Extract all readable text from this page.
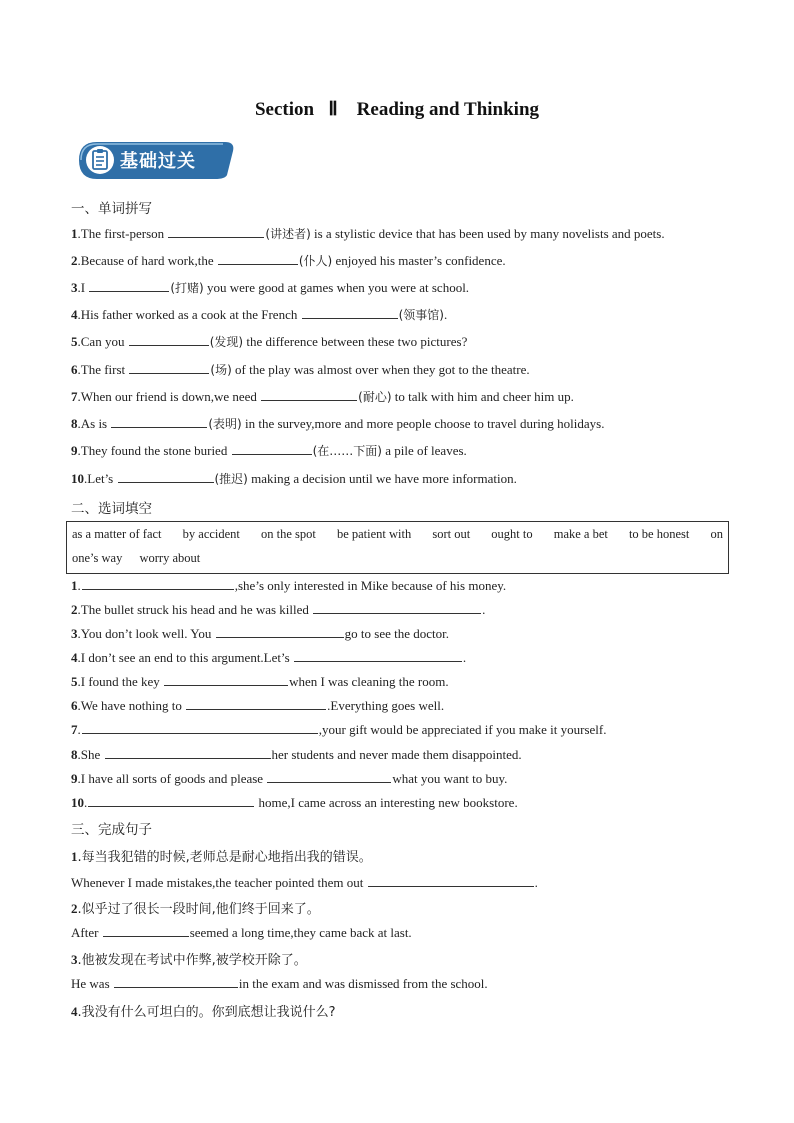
Section Ⅱ Reading and Thinking
基础过关
一、单词拼写
1.The first-person	(讲述者) is a stylistic device that has been used by many novelists and poets.
2.Because of hard work,the	(仆人) enjoyed his master’s confidence.
3.I	(打赌) you were good at games when you were at school.
4.His father worked as a cook at the French	(领事馆).
5.Can you	(发现) the difference between these two pictures?
6.The first	(场) of the play was almost over when they got to the theatre.
7.When our friend is down,we need	(耐心) to talk with him and cheer him up.
8.As is	(表明) in the survey,more and more people choose to travel during holidays.
9.They found the stone buried	(在……下面) a pile of leaves.
10.Let’s	(推迟) making a decision until we have more information.
二、选词填空
as a matter of fact by accident on the spot be patient with sort out ought to make a bet to be honest on
one’s way worry about
1.	,she’s only interested in Mike because of his money.
2.The bullet struck his head and he was killed	.
3.You don’t look well. You	go to see the doctor.
4.I don’t see an end to this argument.Let’s	.
5.I found the key	when I was cleaning the room.
6.We have nothing to	.Everything goes well.
7.	,your gift would be appreciated if you make it yourself.
8.She	her students and never made them disappointed.
9.I have all sorts of goods and please	what you want to buy.
10.	home,I came across an interesting new bookstore.
三、完成句子
1.每当我犯错的时候,老师总是耐心地指出我的错误。
Whenever I made mistakes,the teacher pointed them out	.
2.似乎过了很长一段时间,他们终于回来了。
After	seemed a long time,they came back at last.
3.他被发现在考试中作弊,被学校开除了。
He was	in the exam and was dismissed from the school.
4.我没有什么可坦白的。你到底想让我说什么?
